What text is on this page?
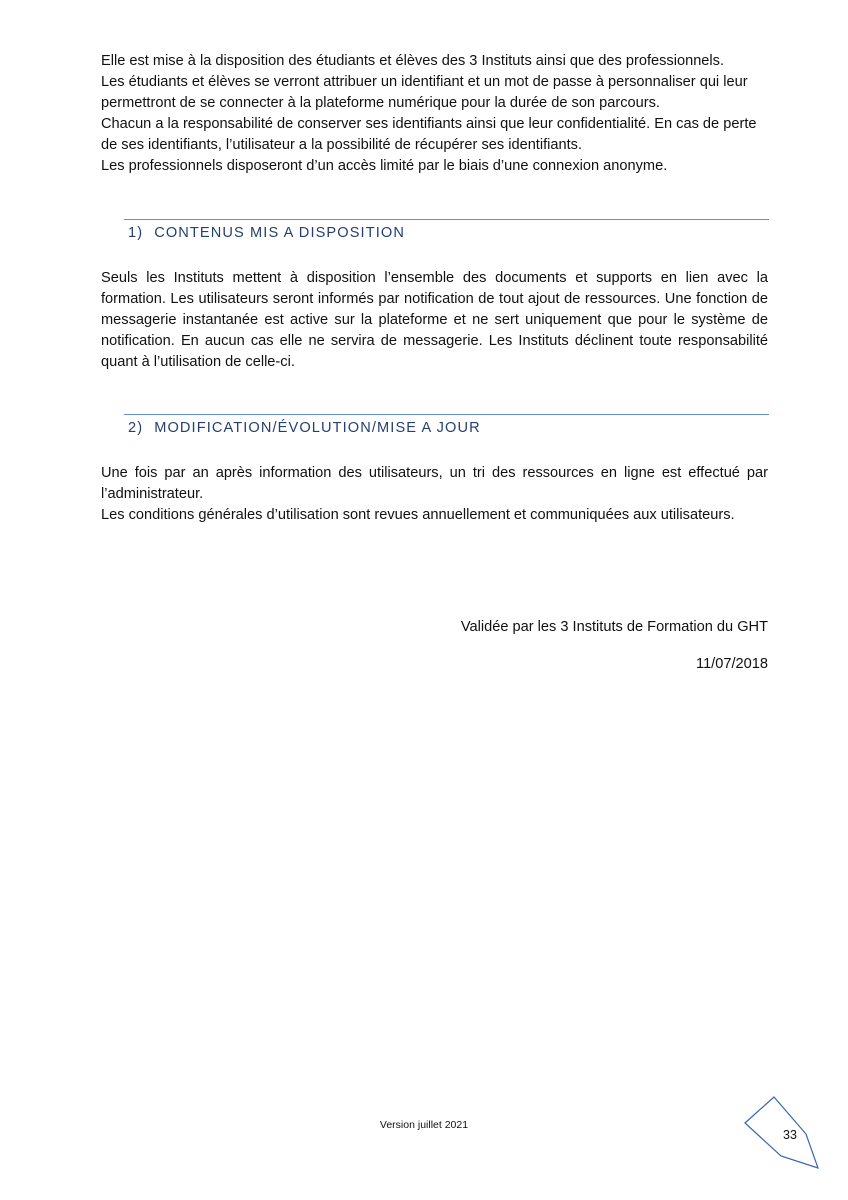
Elle est mise à la disposition des étudiants et élèves des 3 Instituts ainsi que des professionnels.

Les étudiants et élèves se verront attribuer un identifiant et un mot de passe à personnaliser qui leur permettront de se connecter à la plateforme numérique pour la durée de son parcours.

Chacun a la responsabilité de conserver ses identifiants ainsi que leur confidentialité. En cas de perte de ses identifiants, l’utilisateur a la possibilité de récupérer ses identifiants.

Les professionnels disposeront d’un accès limité par le biais d’une connexion anonyme.

1) CONTENUS MIS A DISPOSITION

Seuls les Instituts mettent à disposition l’ensemble des documents et supports en lien avec la formation. Les utilisateurs seront informés par notification de tout ajout de ressources. Une fonction de messagerie instantanée est active sur la plateforme et ne sert uniquement que pour le système de notification. En aucun cas elle ne servira de messagerie. Les Instituts déclinent toute responsabilité quant à l’utilisation de celle-ci.

2) MODIFICATION/ÉVOLUTION/MISE A JOUR

Une fois par an après information des utilisateurs, un tri des ressources en ligne est effectué par l’administrateur.

Les conditions générales d’utilisation sont revues annuellement et communiquées aux utilisateurs.

Validée par les 3 Instituts de Formation du GHT
11/07/2018
Version juillet 2021
33
